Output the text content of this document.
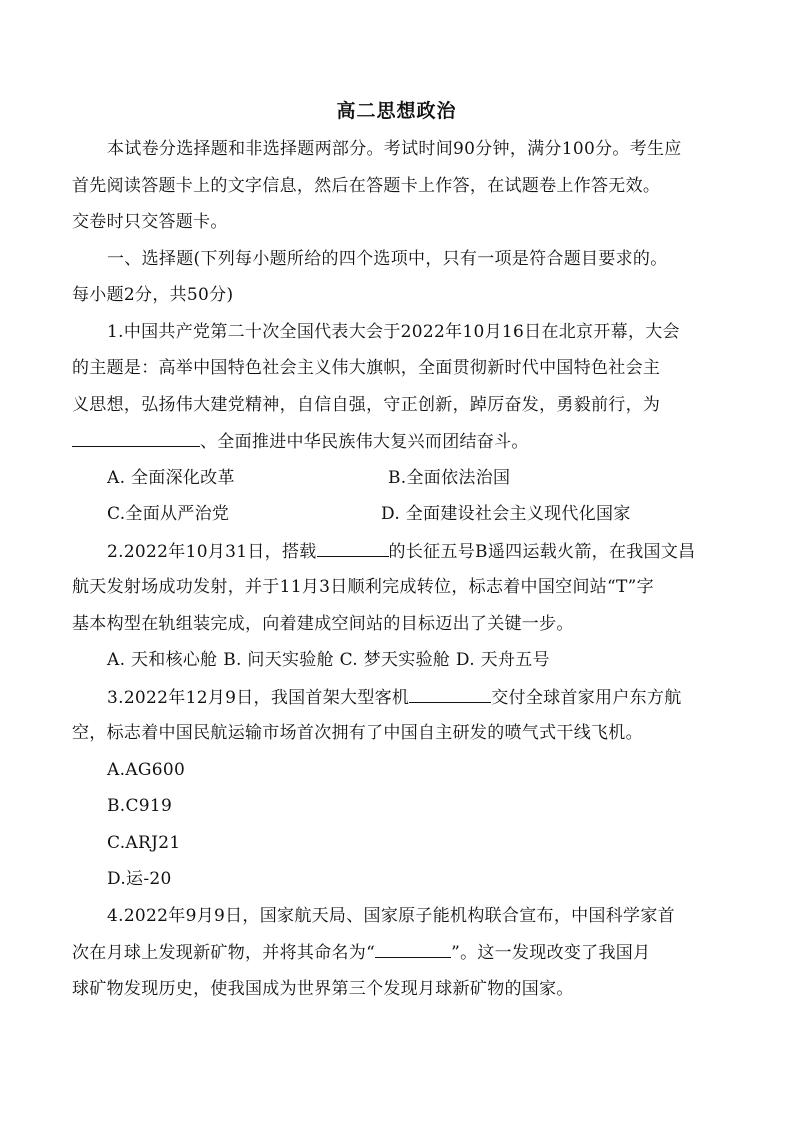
高二思想政治
本试卷分选择题和非选择题两部分。考试时间90分钟，满分100分。考生应
首先阅读答题卡上的文字信息，然后在答题卡上作答，在试题卷上作答无效。
交卷时只交答题卡。
一、选择题(下列每小题所给的四个选项中，只有一项是符合题目要求的。
每小题2分，共50分)
1.中国共产党第二十次全国代表大会于2022年10月16日在北京开幕，大会
的主题是：高举中国特色社会主义伟大旗帜，全面贯彻新时代中国特色社会主
义思想，弘扬伟大建党精神，自信自强，守正创新，踔厉奋发，勇毅前行，为
、全面推进中华民族伟大复兴而团结奋斗。
A. 全面深化改革	B.全面依法治国
C.全面从严治党	D. 全面建设社会主义现代化国家
2.2022年10月31日，搭载	的长征五号B遥四运载火箭，在我国文昌
航天发射场成功发射，并于11月3日顺利完成转位，标志着中国空间站“T”字
基本构型在轨组装完成，向着建成空间站的目标迈出了关键一步。
A. 天和核心舱 B. 问天实验舱 C. 梦天实验舱 D. 天舟五号
3.2022年12月9日，我国首架大型客机	交付全球首家用户东方航
空，标志着中国民航运输市场首次拥有了中国自主研发的喷气式干线飞机。
A.AG600
B.C919
C.ARJ21
D.运-20
4.2022年9月9日，国家航天局、国家原子能机构联合宣布，中国科学家首
次在月球上发现新矿物，并将其命名为“	”。这一发现改变了我国月
球矿物发现历史，使我国成为世界第三个发现月球新矿物的国家。
